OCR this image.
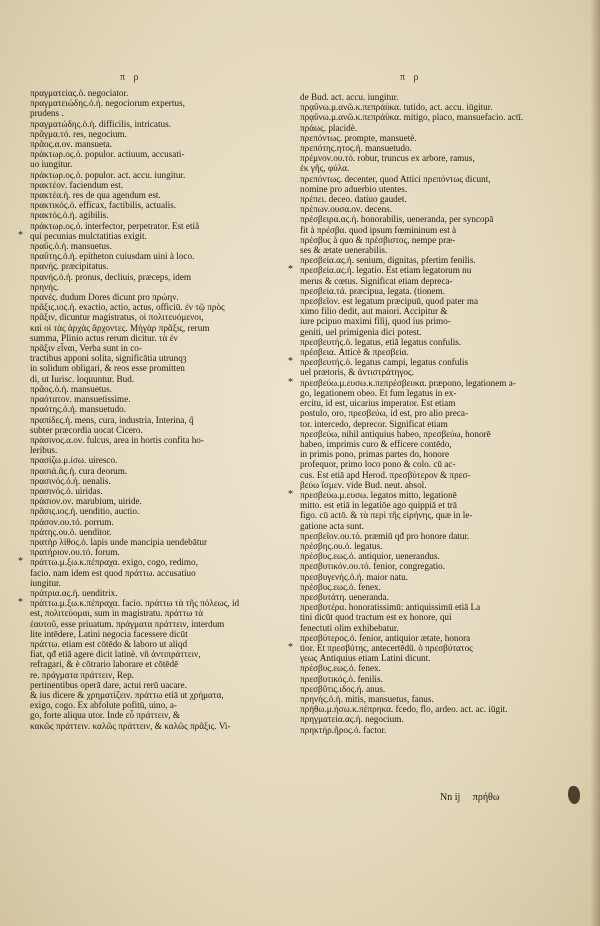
π ρ	π ρ
πραγματείας.ὁ. negociator.
πραγματειώδης.ὁ.ἡ. negociorum expertus,
prudens .
πραγματώδης.ὁ.ἡ. difficilis, intricatus.
πρᾶγμα.τό. res, negocium.
πρᾶος.α.ον. mansueta.
πράκτωρ.ος.ὁ. populor. actiuum, accusati-
uo iungitur.
πράκτωρ.ος.ὁ. populor. act. accu. iungitur.
πρακτέον. faciendum est.
πρακτέα.ἡ. res de qua agendum est.
πρακτικός.ὁ. efficax, factibilis, actualis.
πρακτός.ὁ.ἡ. agibilis.
πράκτωρ.ος.ὁ. interfector, perpetrator. Est etiã
* qui pecunias mulctatitias exigit.
πραΰς.ὁ.ἡ. mansuetus.
πραΰτης.ὁ.ἡ. epitheton cuiusdam uini à loco.
πρανής. præcipitatus.
πρανής.ὁ.ἡ. pronus, decliuis, præceps, idem
πρηνής.
πρανές. dudum Dores dicunt pro πρώην.
πρᾶξις.ιος.ἡ. exactio, actio, actus, officiū. ἐν τῷ πρὸς
πρᾶξιν, dicuntur magistratus, οἱ πολιτευόμενοι,
καὶ οἱ τὰς ἀρχὰς ἄρχοντες. Μὴγὰρ πρᾶξις, rerum
summa, Plinio actus rerum dicitur. τὰ ἐν
πρᾶξιν εἶναι, Verba sunt in co-
tractibus apponi solita, significātia utrunqȝ
in solidum obligari, & reos esse promitten
di, ut Iurisc. loquuntur. Bud.
πρᾶος.ὁ.ἡ. mansuetus.
πραότατον. mansuetissime.
πραότης.ὁ.ἡ. mansuetudo.
πραπίδες.ἡ. mens, cura, industria, Interina, q̃
subter præcordia uocat Cicero.
πράσινος.α.ον. fulcus, area in hortis confita ho-
leribus.
πρασίζω.μ.ίσω. uiresco.
πρασιά.ᾶς.ἡ. cura deorum.
πρασινός.ὁ.ἡ. uenalis.
πρασινός.ὁ. uiridas.
πράσιον.ον. marubium, uiride.
πρᾶσις.ιος.ἡ. uenditio, auctio.
πράσον.ου.τό. porrum.
πράτης.ου.ὁ. uenditor.
πρατὴρ λίθος.ὁ. lapis unde mancipia uendebātur
πρατήριον.ου.τό. forum.
* πράττω.μ.ξω.κ.πέπραχα. exigo, cogo, redimo,
facio. nam idem est quod πράττω. accusatiuo
iungitur.
πράτρια.ας.ἡ. uenditrix.
* πράττω.μ.ξω.κ.πέπραχα. facio. πράττω τὰ τῆς πόλεως, id
est, πολιτεύομαι, sum in magistratu. πράττω τὰ
ἑαυτοῦ, esse priuatum. πράγματα πράττειν, interdum
lite intēdere, Latini negocia facessere dicūt
πράττω. etiam est cōtēdo & laboro ut aliqd
fiat, qđ etiā agere dicit latinè. vñ ἀντιπράττειν,
refragari, & è cōtrario laborare et cōtēdē
re. πράγματα πράττειν, Rep.
pertinentibus operā dare, actui rerū uacare.
& ius dicere & χρηματίζειν. πράττω etiā ut χρήματα,
exigo, cogo. Ex abfolute pofitū, uino, a-
go, forte aliqua utor. Inde εὖ πράττειν, &
κακῶς πράττειν. καλῶς πράττειν, & καλῶς πρᾶξις. Vi-
de Bud. act. accu. iungitur.
πρᾳΰνω.μ.ανῶ.κ.πεπράϋκα. tutido, act. accu. iūgitur.
πρᾳΰνω.μ.ανῶ.κ.πεπράϋκα. mitigo, placo, mansuefacio. actī.
πράως. placidè.
πρεπόντως. prompte, mansuetè.
πρεπότης.ητος.ἡ. mansuetudo.
πρέμνον.ου.τό. robur, truncus ex arbore, ramus,
ἐκ γῆς, φύλα.
πρεπόντως. decenter, quod Attici πρεπόντως dicunt,
nomine pro aduerbio utentes.
πρέπει. deceo. datiuo gaudet.
πρέπων.ουσα.ον. decens.
πρέσβειρα.ας.ἡ. honorabilis, ueneranda, per syncopā
fit à πρέσβα. quod ipsum fœmininum est à
πρέσβυς à quo & πρέσβιστος, nempe præ-
ses & ætate uenerabilis.
πρεσβεία.ας.ἡ. senium, dignitas, pfertim fenilis.
* πρεσβεία.ας.ἡ. legatio. Est etiam legatorum nu
merus & cœtus. Significat etiam depreca-
πρεσβεία.τά. præcipua, legata. (tionem.
πρεσβεῖον. est legatum præcipuū, quod pater ma
ximo filio dedit, aut maiori. Accipitur &
iure pcipuo maximi filij, quod ius primo-
geniti, uel primigenia dici potest.
πρεσβευτής.ὁ. legatus, etiā legatus confulis.
πρέσβεια. Atticè & πρεσβεία.
* πρεσβευτής.ὁ. legatus campi, legatus confulis
uel prætoris, & ἀντιστράτηγος.
* πρεσβεύω.μ.ευσω.κ.πεπρέσβευκα. præpono, legationem a-
go, legationem obeo. Et fum legatus in ex-
ercitu, id est, uicarius imperator. Est etiam
postulo, oro, πρεσβεύω, id est, pro alio preca-
tor. intercedo, deprecor. Significat etiam
πρεσβεύω, nihil antiquius habeo, πρεσβεύω, honorē
habeo, imprimis curo & efficere contēdo,
in primis pono, primas partes do, honore
profequor, primo loco pono & colo. cū ac-
cus. Est etiā apd Herod. πρεσβύτερον & πρεσ-
βεύω ἴσμεν. vide Bud. neut. absol.
* πρεσβεύω.μ.ευσω. legatos mitto, legationē
mitto. est etiā in legatiōe ago quippiā et trā
figo. cū actō. & τὰ περὶ τῆς εἰρήνης, quæ in le-
gatione acta sunt.
πρεσβεῖον.ου.τό. præmiū qđ pro honore datur.
πρέσβης.ου.ὁ. legatus.
πρέσβυς.εως.ὁ. antiquior, uenerandus.
πρεσβυτικόν.ου.τό. fenior, congregatio.
πρεσβυγενής.ὁ.ἡ. maior natu.
πρέσβυς.εως.ὁ. fenex.
πρεσβυτάτη. ueneranda.
πρεσβυτέρα. honoratissimū: antiquissimū etiā La
tini dicūt quod tractum est ex honore, qui
fenectuti olim exhibebatur.
πρεσβύτερος.ὁ. fenior, antiquior ætate, honora
* tior. Et πρεσβύτης, antecertēdū. ὁ πρεσβύτατος
γεως Antiquius etiam Latini dicunt.
πρέσβυς.εως.ὁ. fenex.
πρεσβυτικός.ὁ. fenilis.
πρεσβῦτις.ιδος.ἡ. anus.
πρηνής.ὁ.ἡ. mitis, mansuetus, fanus.
πρήθω.μ.ήσω.κ.πέπρηκα. fcedo, flo, ardeo. act. ac. iūgit.
πρηγματεία.ας.ἡ. negocium.
πρηκτήρ.ῆρος.ὁ. factor.
Nn ij πρήθω
